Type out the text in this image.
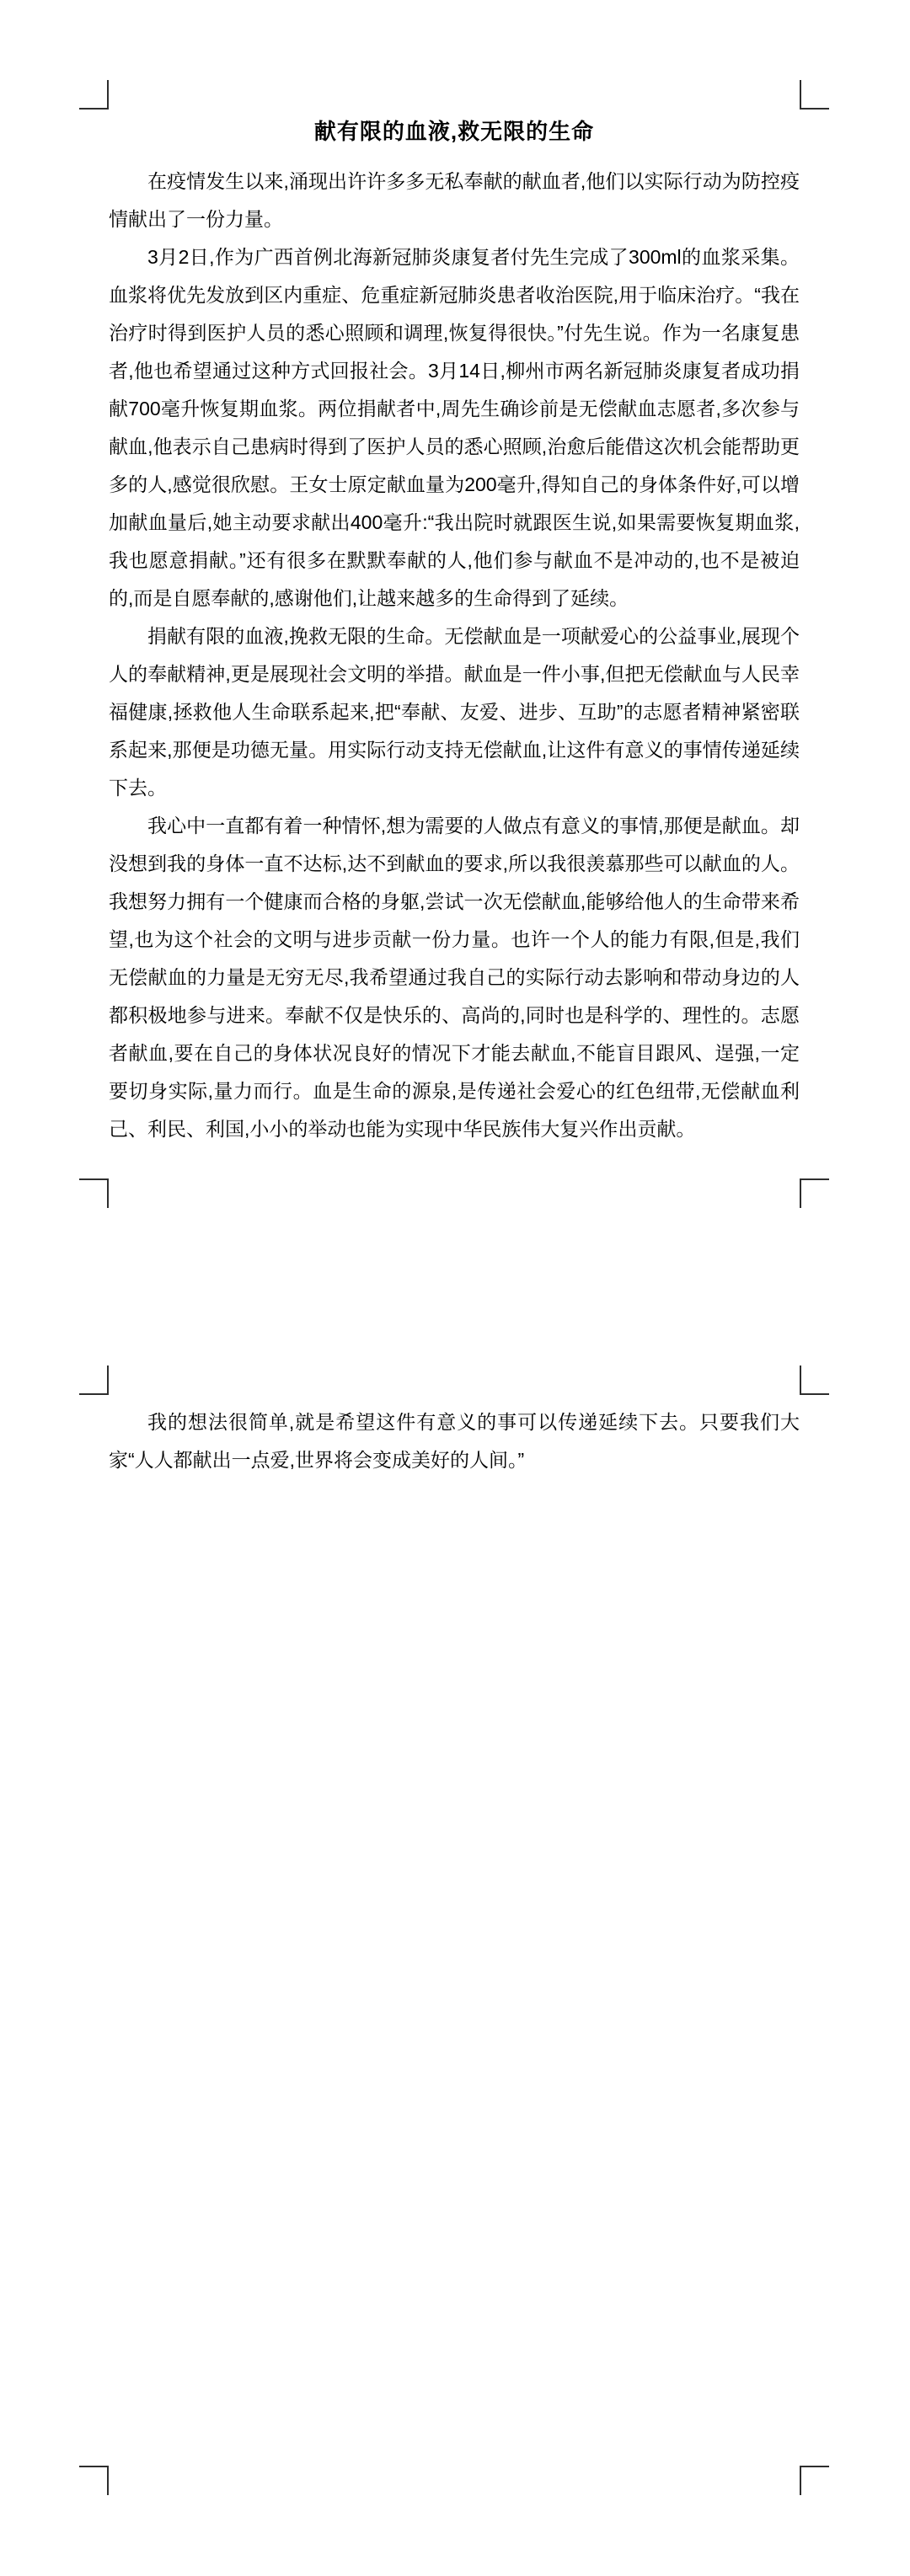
献有限的血液,救无限的生命

在疫情发生以来,涌现出许许多多无私奉献的献血者,他们以实际行动为防控疫情献出了一份力量。

3月2日,作为广西首例北海新冠肺炎康复者付先生完成了300ml的血浆采集。血浆将优先发放到区内重症、危重症新冠肺炎患者收治医院,用于临床治疗。“我在治疗时得到医护人员的悉心照顾和调理,恢复得很快。”付先生说。作为一名康复患者,他也希望通过这种方式回报社会。3月14日,柳州市两名新冠肺炎康复者成功捐献700毫升恢复期血浆。两位捐献者中,周先生确诊前是无偿献血志愿者,多次参与献血,他表示自己患病时得到了医护人员的悉心照顾,治愈后能借这次机会能帮助更多的人,感觉很欣慰。王女士原定献血量为200毫升,得知自己的身体条件好,可以增加献血量后,她主动要求献出400毫升:“我出院时就跟医生说,如果需要恢复期血浆,我也愿意捐献。”还有很多在默默奉献的人,他们参与献血不是冲动的,也不是被迫的,而是自愿奉献的,感谢他们,让越来越多的生命得到了延续。

捐献有限的血液,挽救无限的生命。无偿献血是一项献爱心的公益事业,展现个人的奉献精神,更是展现社会文明的举措。献血是一件小事,但把无偿献血与人民幸福健康,拯救他人生命联系起来,把“奉献、友爱、进步、互助”的志愿者精神紧密联系起来,那便是功德无量。用实际行动支持无偿献血,让这件有意义的事情传递延续下去。

我心中一直都有着一种情怀,想为需要的人做点有意义的事情,那便是献血。却没想到我的身体一直不达标,达不到献血的要求,所以我很羡慕那些可以献血的人。我想努力拥有一个健康而合格的身躯,尝试一次无偿献血,能够给他人的生命带来希望,也为这个社会的文明与进步贡献一份力量。也许一个人的能力有限,但是,我们无偿献血的力量是无穷无尽,我希望通过我自己的实际行动去影响和带动身边的人都积极地参与进来。奉献不仅是快乐的、高尚的,同时也是科学的、理性的。志愿者献血,要在自己的身体状况良好的情况下才能去献血,不能盲目跟风、逞强,一定要切身实际,量力而行。血是生命的源泉,是传递社会爱心的红色纽带,无偿献血利己、利民、利国,小小的举动也能为实现中华民族伟大复兴作出贡献。

我的想法很简单,就是希望这件有意义的事可以传递延续下去。只要我们大家“人人都献出一点爱,世界将会变成美好的人间。”
